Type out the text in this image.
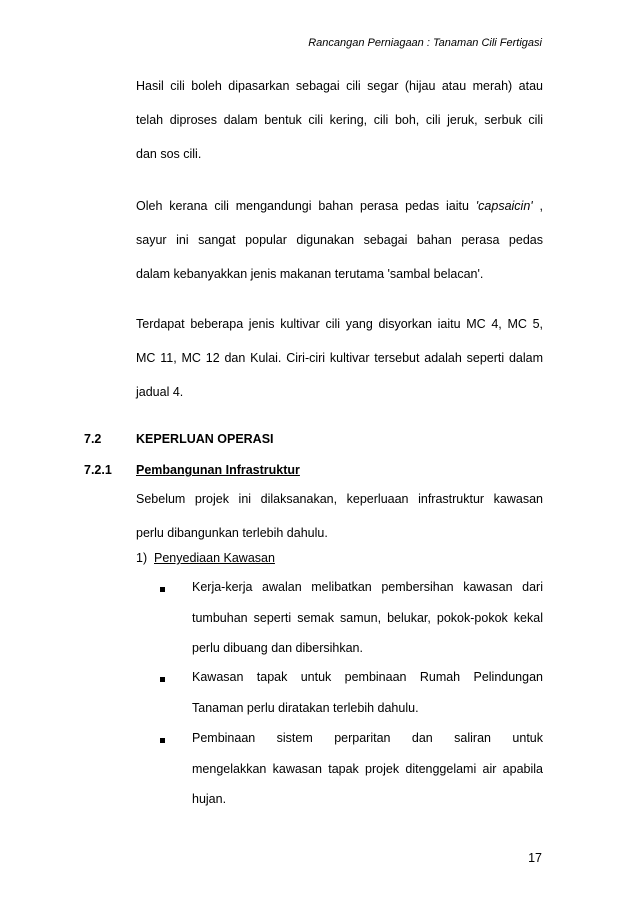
Rancangan Perniagaan : Tanaman Cili Fertigasi
Hasil cili boleh dipasarkan sebagai cili segar (hijau atau merah) atau
telah diproses dalam bentuk cili kering, cili boh, cili jeruk, serbuk cili
dan sos cili.
Oleh kerana cili mengandungi bahan perasa pedas iaitu 'capsaicin' ,
sayur ini sangat popular digunakan sebagai bahan perasa pedas
dalam kebanyakkan jenis makanan terutama 'sambal belacan'.
Terdapat beberapa jenis kultivar cili yang disyorkan iaitu MC 4, MC 5,
MC 11, MC 12 dan Kulai. Ciri-ciri kultivar tersebut adalah seperti dalam
jadual 4.
7.2	KEPERLUAN OPERASI
7.2.1 Pembangunan Infrastruktur
Sebelum projek ini dilaksanakan, keperluaan infrastruktur kawasan
perlu dibangunkan terlebih dahulu.
1) Penyediaan Kawasan
Kerja-kerja awalan melibatkan pembersihan kawasan dari
tumbuhan seperti semak samun, belukar, pokok-pokok kekal
perlu dibuang dan dibersihkan.
Kawasan tapak untuk pembinaan Rumah Pelindungan
Tanaman perlu diratakan terlebih dahulu.
Pembinaan sistem perparitan dan saliran untuk
mengelakkan kawasan tapak projek ditenggelami air apabila
hujan.
17
